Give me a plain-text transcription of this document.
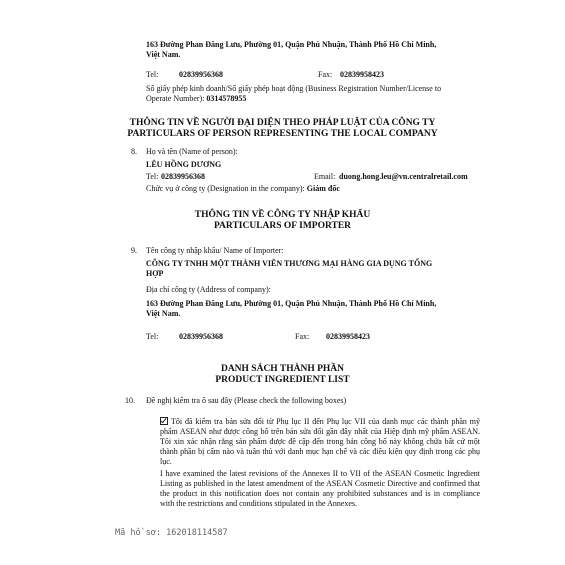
163 Đường Phan Đăng Lưu, Phường 01, Quận Phú Nhuận, Thành Phố Hồ Chí Minh,
Việt Nam.
Tel:	02839956368	Fax: 02839958423
Số giấy phép kinh doanh/Số giấy phép hoạt động (Business Registration Number/License to
Operate Number): 0314578955
THÔNG TIN VỀ NGƯỜI ĐẠI DIỆN THEO PHÁP LUẬT CỦA CÔNG TY
PARTICULARS OF PERSON REPRESENTING THE LOCAL COMPANY
8. Họ và tên (Name of person):
LÊU HỒNG DƯƠNG
Tel: 02839956368	Email: duong.hong.leu@vn.centralretail.com
Chức vụ ở công ty (Designation in the company): Giám đốc
THÔNG TIN VỀ CÔNG TY NHẬP KHẨU
PARTICULARS OF IMPORTER
9. Tên công ty nhập khẩu/ Name of Importer:
CÔNG TY TNHH MỘT THÀNH VIÊN THƯƠNG MẠI HÀNG GIA DỤNG TỔNG
HỢP
Địa chỉ công ty (Address of company):
163 Đường Phan Đăng Lưu, Phường 01, Quận Phú Nhuận, Thành Phố Hồ Chí Minh,
Việt Nam.
Tel:	02839956368	Fax: 02839958423
DANH SÁCH THÀNH PHẦN
PRODUCT INGREDIENT LIST
10. Đề nghị kiểm tra ô sau đây (Please check the following boxes)
Tôi đã kiểm tra bản sửa đổi từ Phụ lục II đến Phụ lục VII của danh mục các thành phần mỹ phẩm ASEAN như được công bố trên bản sửa đổi gần đây nhất của Hiệp định mỹ phẩm ASEAN. Tôi xin xác nhận rằng sản phẩm được đề cập đến trong bản công bố này không chứa bất cứ một thành phần bị cấm nào và tuân thủ với danh mục hạn chế và các điều kiện quy định trong các phụ lục.
I have examined the latest revisions of the Annexes II to VII of the ASEAN Cosmetic Ingredient Listing as published in the latest amendment of the ASEAN Cosmetic Directive and confirmed that the product in this notification does not contain any prohibited substances and is in compliance with the restrictions and conditions stipulated in the Annexes.
Mã hồ sơ: 162018114587
